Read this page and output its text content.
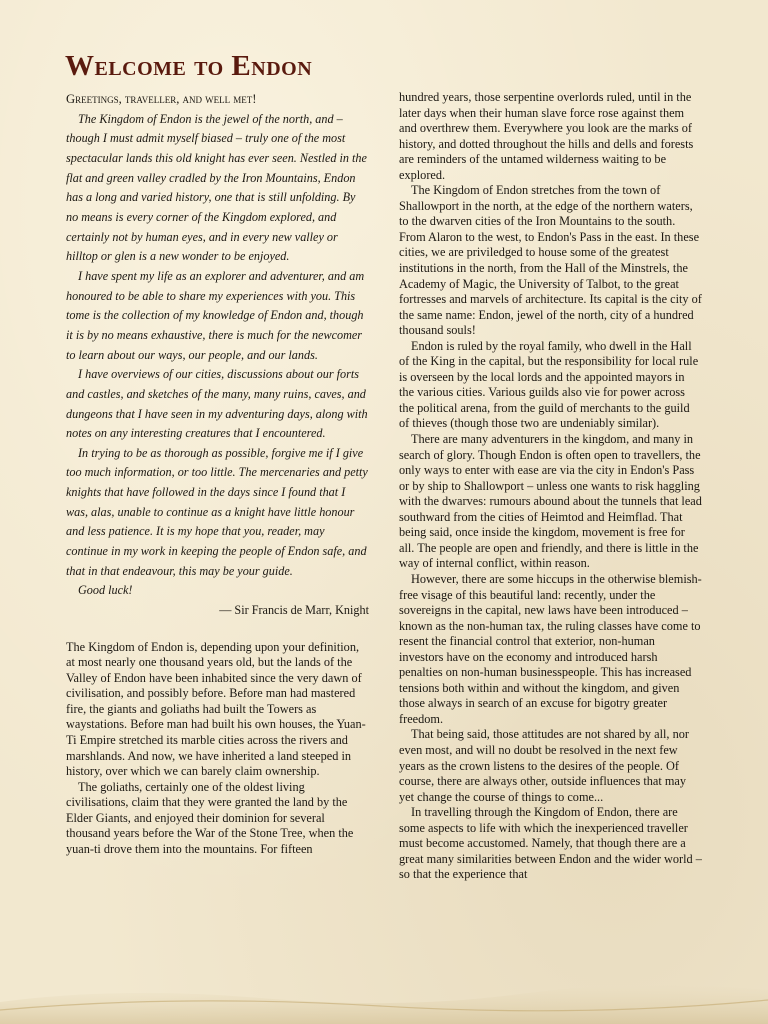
Welcome to Endon

Greetings, traveller, and well met!

The Kingdom of Endon is the jewel of the north, and – though I must admit myself biased – truly one of the most spectacular lands this old knight has ever seen. Nestled in the flat and green valley cradled by the Iron Mountains, Endon has a long and varied history, one that is still unfolding. By no means is every corner of the Kingdom explored, and certainly not by human eyes, and in every new valley or hilltop or glen is a new wonder to be enjoyed.

I have spent my life as an explorer and adventurer, and am honoured to be able to share my experiences with you. This tome is the collection of my knowledge of Endon and, though it is by no means exhaustive, there is much for the newcomer to learn about our ways, our people, and our lands.

I have overviews of our cities, discussions about our forts and castles, and sketches of the many, many ruins, caves, and dungeons that I have seen in my adventuring days, along with notes on any interesting creatures that I encountered.

In trying to be as thorough as possible, forgive me if I give too much information, or too little. The mercenaries and petty knights that have followed in the days since I found that I was, alas, unable to continue as a knight have little honour and less patience. It is my hope that you, reader, may continue in my work in keeping the people of Endon safe, and that in that endeavour, this may be your guide.

Good luck!

— Sir Francis de Marr, Knight

The Kingdom of Endon is, depending upon your definition, at most nearly one thousand years old, but the lands of the Valley of Endon have been inhabited since the very dawn of civilisation, and possibly before. Before man had mastered fire, the giants and goliaths had built the Towers as waystations. Before man had built his own houses, the Yuan-Ti Empire stretched its marble cities across the rivers and marshlands. And now, we have inherited a land steeped in history, over which we can barely claim ownership.

The goliaths, certainly one of the oldest living civilisations, claim that they were granted the land by the Elder Giants, and enjoyed their dominion for several thousand years before the War of the Stone Tree, when the yuan-ti drove them into the mountains. For fifteen

hundred years, those serpentine overlords ruled, until in the later days when their human slave force rose against them and overthrew them. Everywhere you look are the marks of history, and dotted throughout the hills and dells and forests are reminders of the untamed wilderness waiting to be explored.

The Kingdom of Endon stretches from the town of Shallowport in the north, at the edge of the northern waters, to the dwarven cities of the Iron Mountains to the south. From Alaron to the west, to Endon's Pass in the east. In these cities, we are priviledged to house some of the greatest institutions in the north, from the Hall of the Minstrels, the Academy of Magic, the University of Talbot, to the great fortresses and marvels of architecture. Its capital is the city of the same name: Endon, jewel of the north, city of a hundred thousand souls!

Endon is ruled by the royal family, who dwell in the Hall of the King in the capital, but the responsibility for local rule is overseen by the local lords and the appointed mayors in the various cities. Various guilds also vie for power across the political arena, from the guild of merchants to the guild of thieves (though those two are undeniably similar).

There are many adventurers in the kingdom, and many in search of glory. Though Endon is often open to travellers, the only ways to enter with ease are via the city in Endon's Pass or by ship to Shallowport – unless one wants to risk haggling with the dwarves: rumours abound about the tunnels that lead southward from the cities of Heimtod and Heimflad. That being said, once inside the kingdom, movement is free for all. The people are open and friendly, and there is little in the way of internal conflict, within reason.

However, there are some hiccups in the otherwise blemish-free visage of this beautiful land: recently, under the sovereigns in the capital, new laws have been introduced – known as the non-human tax, the ruling classes have come to resent the financial control that exterior, non-human investors have on the economy and introduced harsh penalties on non-human businesspeople. This has increased tensions both within and without the kingdom, and given those always in search of an excuse for bigotry greater freedom.

That being said, those attitudes are not shared by all, nor even most, and will no doubt be resolved in the next few years as the crown listens to the desires of the people. Of course, there are always other, outside influences that may yet change the course of things to come...

In travelling through the Kingdom of Endon, there are some aspects to life with which the inexperienced traveller must become accustomed. Namely, that though there are a great many similarities between Endon and the wider world – so that the experience that
